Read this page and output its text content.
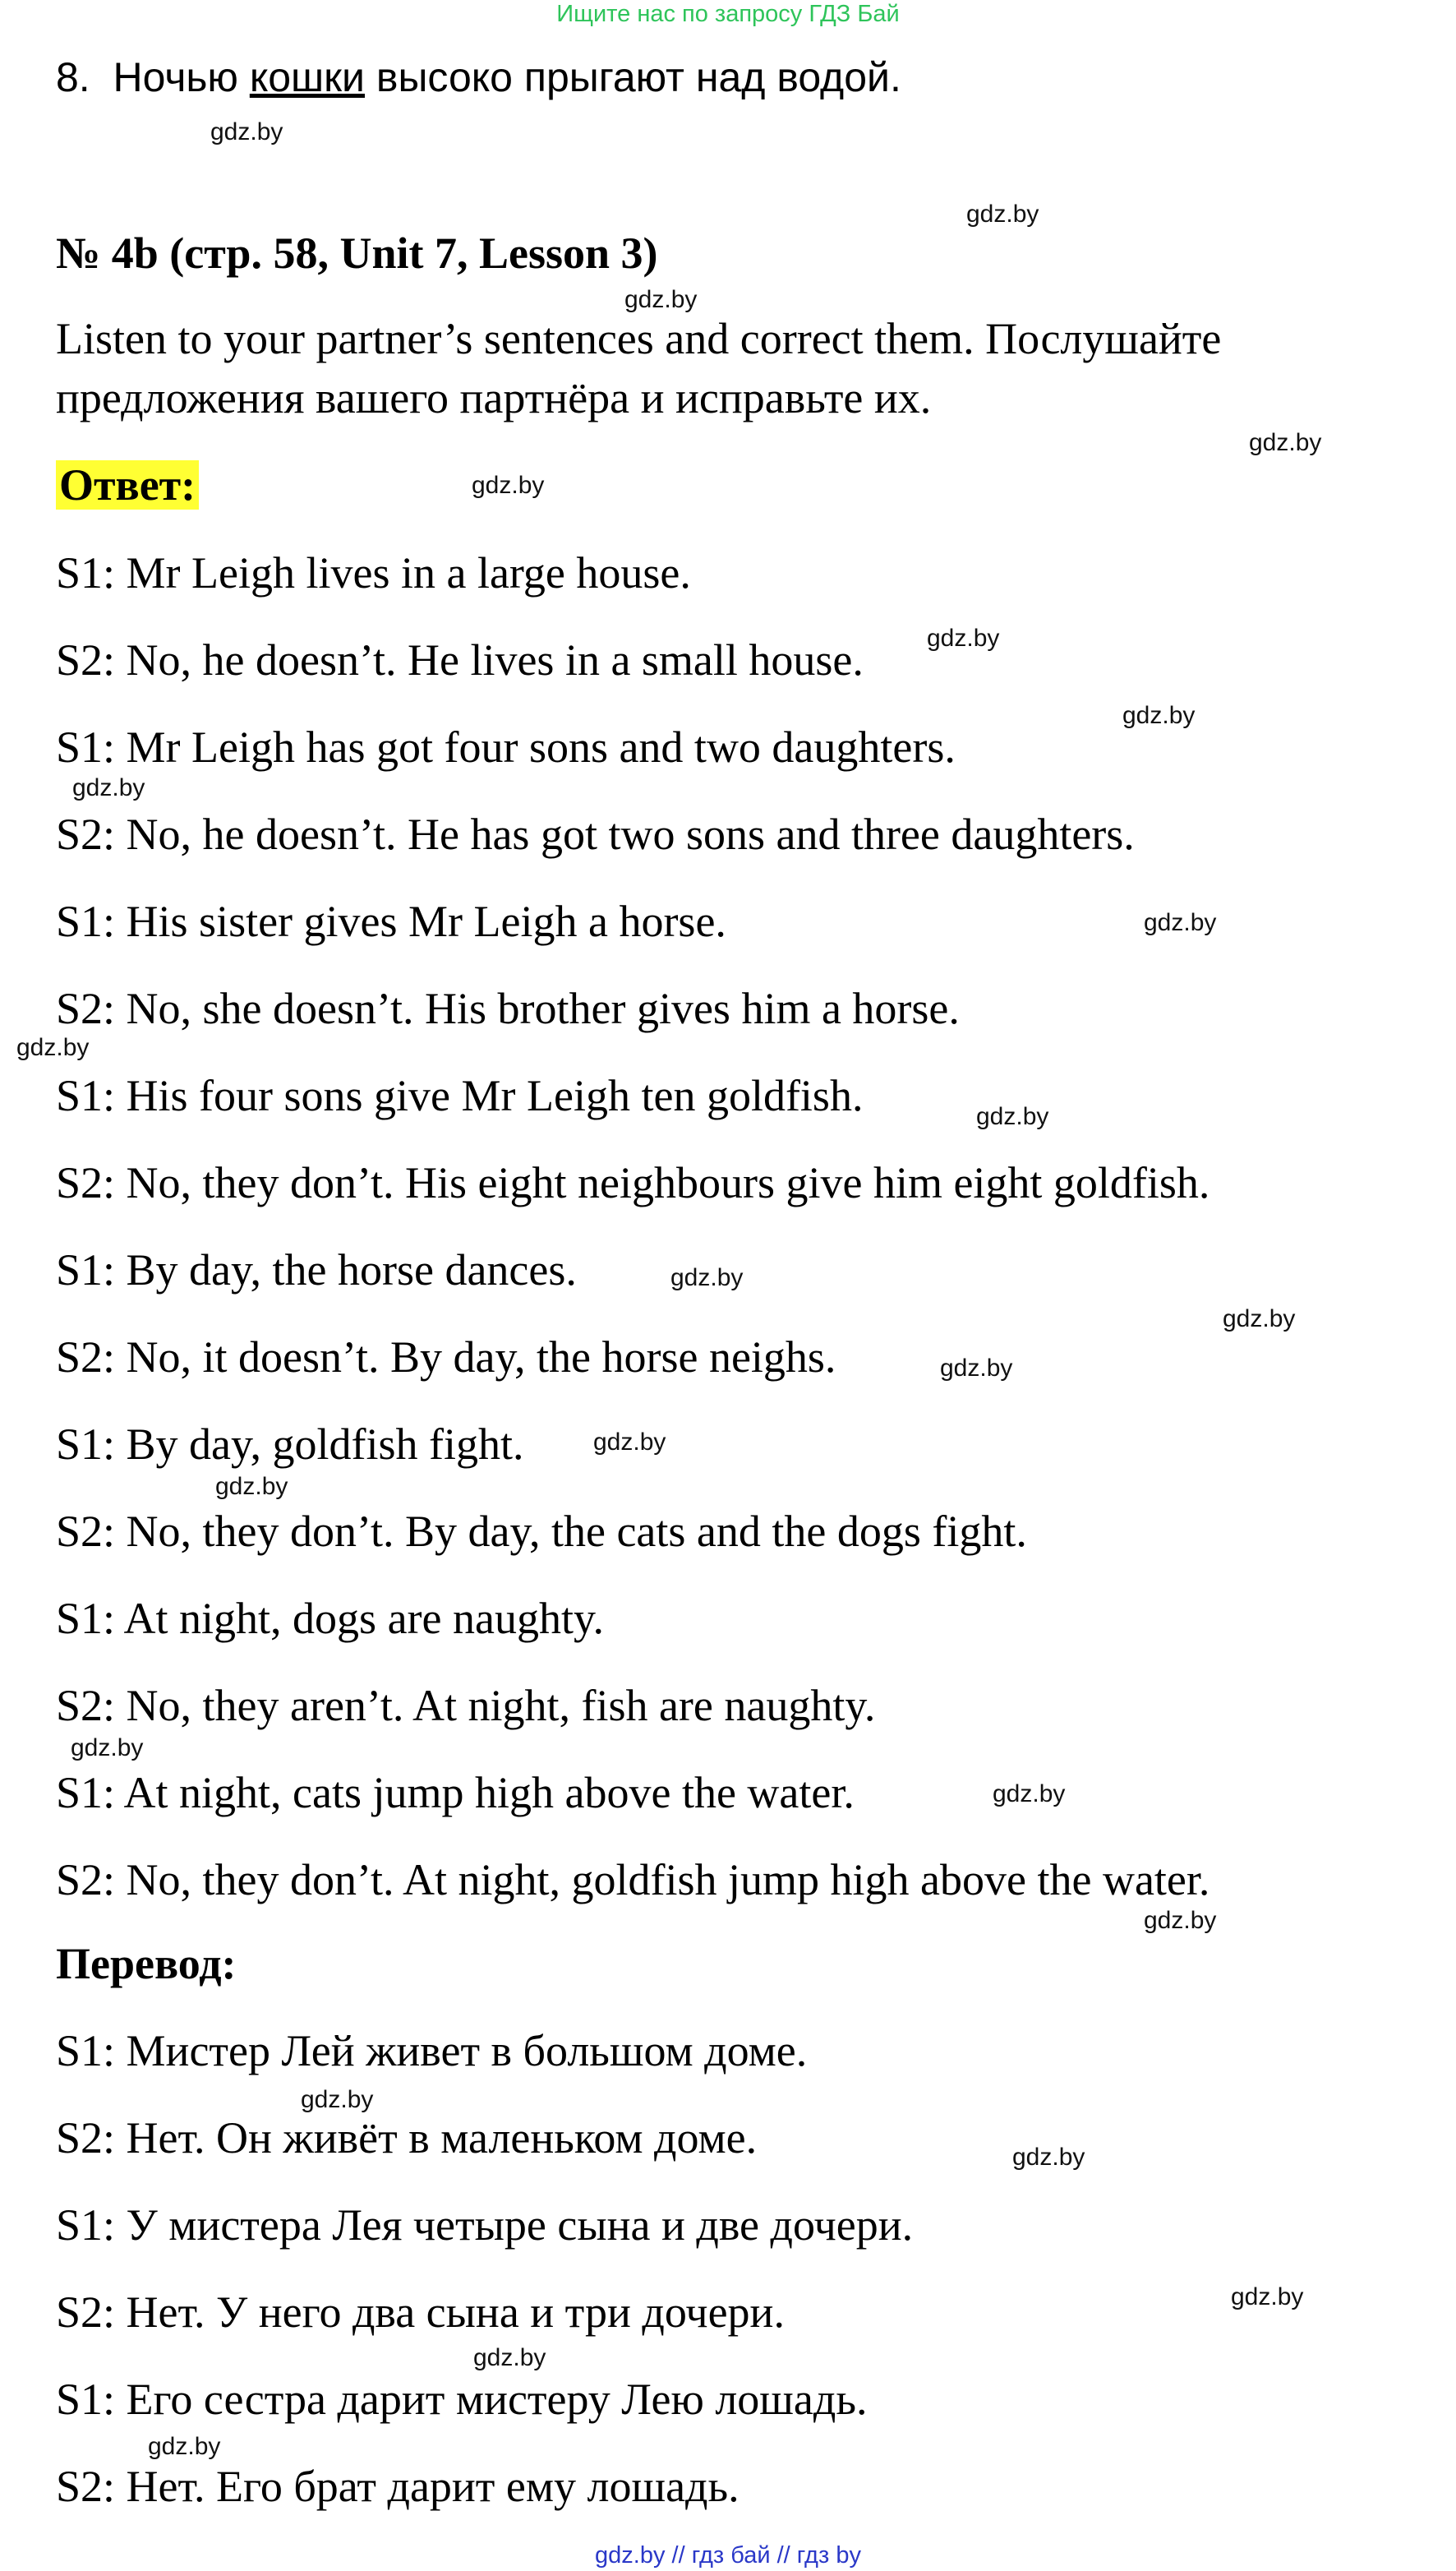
Ищите нас по запросу ГДЗ Бай
8. Ночью кошки высоко прыгают над водой.
№ 4b (стр. 58, Unit 7, Lesson 3)
Listen to your partner’s sentences and correct them. Послушайте
предложения вашего партнёра и исправьте их.
Ответ:
S1: Mr Leigh lives in a large house.
S2: No, he doesn’t. He lives in a small house.
S1: Mr Leigh has got four sons and two daughters.
S2: No, he doesn’t. He has got two sons and three daughters.
S1: His sister gives Mr Leigh a horse.
S2: No, she doesn’t. His brother gives him a horse.
S1: His four sons give Mr Leigh ten goldfish.
S2: No, they don’t. His eight neighbours give him eight goldfish.
S1: By day, the horse dances.
S2: No, it doesn’t. By day, the horse neighs.
S1: By day, goldfish fight.
S2: No, they don’t. By day, the cats and the dogs fight.
S1: At night, dogs are naughty.
S2: No, they aren’t. At night, fish are naughty.
S1: At night, cats jump high above the water.
S2: No, they don’t. At night, goldfish jump high above the water.
Перевод:
S1: Мистер Лей живет в большом доме.
S2: Нет. Он живёт в маленьком доме.
S1: У мистера Лея четыре сына и две дочери.
S2: Нет. У него два сына и три дочери.
S1: Его сестра дарит мистеру Лею лошадь.
S2: Нет. Его брат дарит ему лошадь.
gdz.by
gdz.by
gdz.by
gdz.by
gdz.by
gdz.by
gdz.by
gdz.by
gdz.by
gdz.by
gdz.by
gdz.by
gdz.by
gdz.by
gdz.by
gdz.by
gdz.by
gdz.by
gdz.by
gdz.by
gdz.by
gdz.by
gdz.by
gdz.by
gdz.by // гдз бай // гдз by
